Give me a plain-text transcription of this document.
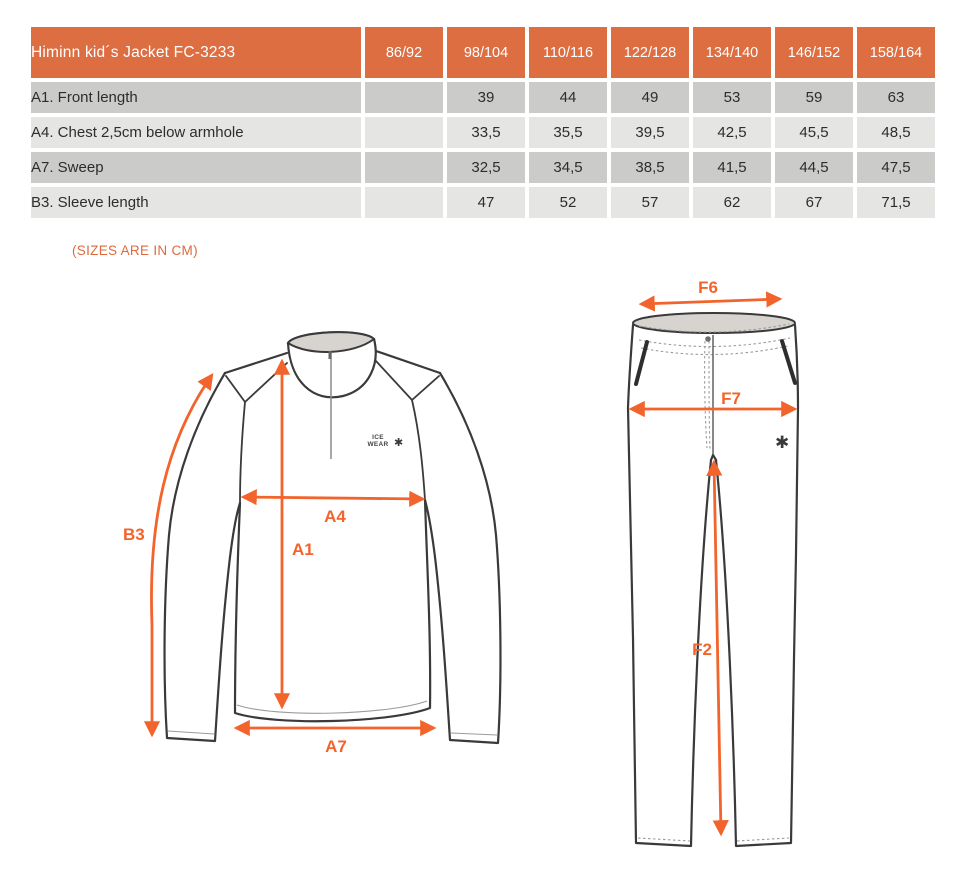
Himinn kid´s Jacket FC-3233	86/92	98/104	110/116	122/128	134/140	146/152	158/164
A1. Front length		39	44	49	53	59	63
A4. Chest 2,5cm below armhole		33,5	35,5	39,5	42,5	45,5	48,5
A7. Sweep		32,5	34,5	38,5	41,5	44,5	47,5
B3. Sleeve length		47	52	57	62	67	71,5
(SIZES ARE IN CM)
ICE
WEAR ✱
B3
A1
A4
A7
✱
F6
F7
F2
